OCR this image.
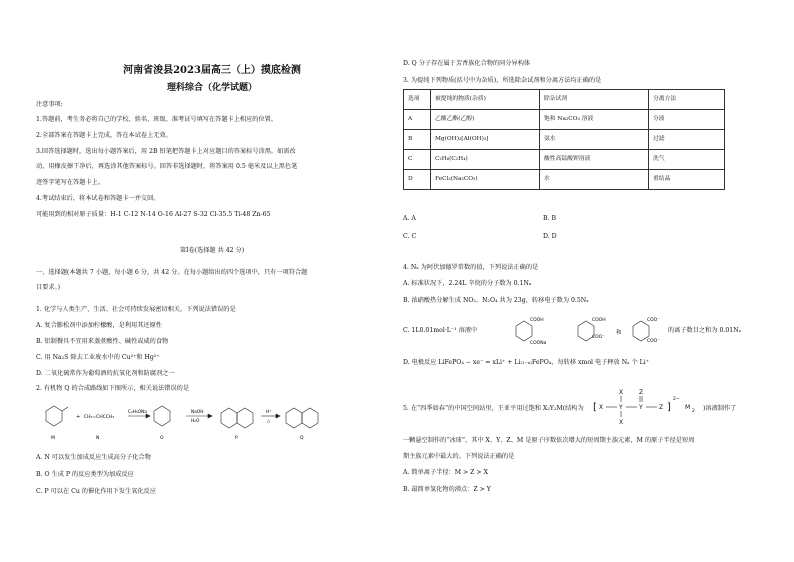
河南省浚县2023届高三（上）摸底检测
理科综合（化学试题）
注意事项:
1.答题前，考生务必将自己的学校、姓名、班级、准考证号填写在答题卡上相应的位置。
2.全部答案在答题卡上完成，答在本试卷上无效。
3.回答选择题时，选出每小题答案后，用 2B 铅笔把答题卡上对应题目的答案标号涂黑。如需改
动，用橡皮擦干净后，再选涂其他答案标号。回答非选择题时，将答案用 0.5 毫米及以上黑色笔
迹签字笔写在答题卡上。
4.考试结束后，将本试卷和答题卡一并交回。
可能用到的相对原子质量：H-1 C-12 N-14 O-16 Al-27 S-32 Cl-35.5 Ti-48 Zn-65
第Ⅰ卷(选择题 共 42 分)
一、选择题(本题共 7 小题，每小题 6 分，共 42 分。在每小题给出的四个选项中，只有一项符合题
目要求。)
1. 化学与人类生产、生活、社会可持续发展密切相关。下列说法错误的是
A. 复合膨松剂中添加柠檬酸，是利用其还原性
B. 铝制餐具不宜用来蒸煮酸性、碱性或咸的食物
C. 用 Na₂S 除去工业废水中的 Cu²⁺和 Hg²⁺
D. 二氧化硫常作为葡萄酒的抗氧化剂和防腐剂之一
2. 有机物 Q 的合成路线如下图所示，相关说法错误的是
+ CH₂=CHCCH₃
C₂H₅ONa	NaOH
H₂O
H⁺
△
M	N	O	P	Q
A. N 可以发生加成反应生成高分子化合物
B. O 生成 P 的反应类型为加成反应
C. P 可以在 Cu 的催化作用下发生氧化反应
D. Q 分子存在属于芳香族化合物的同分异构体
3. 为提纯下列物质(括号中为杂质)，所选除杂试剂和分离方法均正确的是
选项	被提纯的物质(杂质)	除杂试剂	分离方法
A	乙酸乙酯(乙醇)	饱和 Na₂CO₃ 溶液	分液
B	Mg(OH)₂[Al(OH)₃]	氨水	过滤
C	C₂H₆(C₂H₄)	酸性高锰酸钾溶液	洗气
D	FeCl₃(Na₂CO₃)	水	重结晶
A. A	B. B
C. C	D. D
4. Nₐ 为阿伏加德罗常数的值，下列说法正确的是
A. 标准状况下，2.24L 辛烷的分子数为 0.1Nₐ
B. 浓硝酸热分解生成 NO₂、N₂O₄ 共为 23g，转移电子数为 0.5Nₐ
C. 1L0.01mol·L⁻¹ 溶液中
COOH
COONa
COOH
COO⁻
COO⁻
COO⁻
和	的离子数目之和为 0.01Nₐ
D. 电极反应 LiFePO₄ − xe⁻ = xLi⁺ + Li₍₁₋ₓ₎FePO₄，每转移 xmol 电子释放 Nₐ 个 Li⁺
5. 在“四季如春”的中国空间站里，王亚平用过饱和 X₂Y₂M(结构为 [ X
X
Y
X
Z
Y	Z ]
2−
M
2 )溶液制作了
一颗悬空制作的“冰球”，其中 X、Y、Z、M 是原子序数依次增大的短周期主族元素，M 的原子半径是短周
期主族元素中最大的。下列说法正确的是
A. 简单离子半径：M > Z > X
B. 最简单氢化物的沸点：Z > Y
